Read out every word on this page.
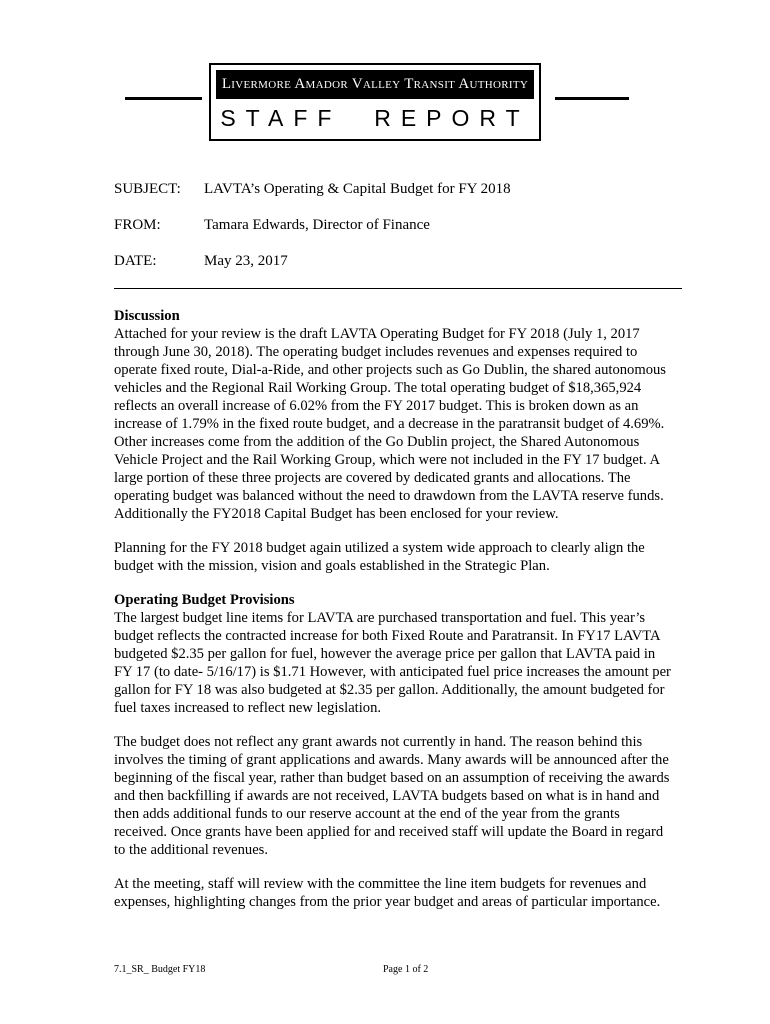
Livermore Amador Valley Transit Authority
STAFF  REPORT
SUBJECT: LAVTA’s Operating & Capital Budget for FY 2018
FROM:	Tamara Edwards, Director of Finance
DATE:	May 23, 2017
Discussion

Attached for your review is the draft LAVTA Operating Budget for FY 2018 (July 1, 2017 through June 30, 2018). The operating budget includes revenues and expenses required to operate fixed route, Dial-a-Ride, and other projects such as Go Dublin, the shared autonomous vehicles and the Regional Rail Working Group. The total operating budget of $18,365,924 reflects an overall increase of 6.02% from the FY 2017 budget. This is broken down as an increase of 1.79% in the fixed route budget, and a decrease in the paratransit budget of 4.69%. Other increases come from the addition of the Go Dublin project, the Shared Autonomous Vehicle Project and the Rail Working Group, which were not included in the FY 17 budget. A large portion of these three projects are covered by dedicated grants and allocations. The operating budget was balanced without the need to drawdown from the LAVTA reserve funds. Additionally the FY2018 Capital Budget has been enclosed for your review.

Planning for the FY 2018 budget again utilized a system wide approach to clearly align the budget with the mission, vision and goals established in the Strategic Plan.

Operating Budget Provisions

The largest budget line items for LAVTA are purchased transportation and fuel. This year’s budget reflects the contracted increase for both Fixed Route and Paratransit. In FY17 LAVTA budgeted $2.35 per gallon for fuel, however the average price per gallon that LAVTA paid in FY 17 (to date- 5/16/17) is $1.71 However, with anticipated fuel price increases the amount per gallon for FY 18 was also budgeted at $2.35 per gallon. Additionally, the amount budgeted for fuel taxes increased to reflect new legislation.

The budget does not reflect any grant awards not currently in hand. The reason behind this involves the timing of grant applications and awards. Many awards will be announced after the beginning of the fiscal year, rather than budget based on an assumption of receiving the awards and then backfilling if awards are not received, LAVTA budgets based on what is in hand and then adds additional funds to our reserve account at the end of the year from the grants received. Once grants have been applied for and received staff will update the Board in regard to the additional revenues.

At the meeting, staff will review with the committee the line item budgets for revenues and expenses, highlighting changes from the prior year budget and areas of particular importance.

7.1_SR_ Budget FY18	Page 1 of 2
